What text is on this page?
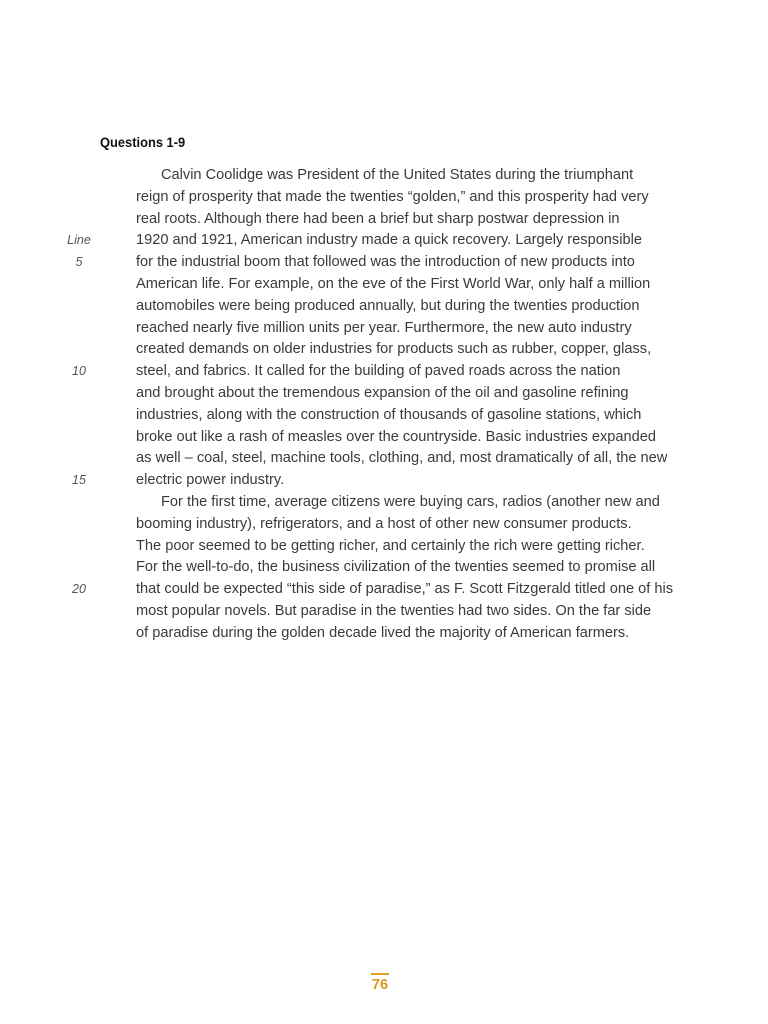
Questions 1-9
Line
5
10
15
20
Calvin Coolidge was President of the United States during the triumphant
reign of prosperity that made the twenties “golden,” and this prosperity had very
real roots. Although there had been a brief but sharp postwar depression in
1920 and 1921, American industry made a quick recovery. Largely responsible
for the industrial boom that followed was the introduction of new products into
American life. For example, on the eve of the First World War, only half a million
automobiles were being produced annually, but during the twenties production
reached nearly five million units per year. Furthermore, the new auto industry
created demands on older industries for products such as rubber, copper, glass,
steel, and fabrics. It called for the building of paved roads across the nation
and brought about the tremendous expansion of the oil and gasoline refining
industries, along with the construction of thousands of gasoline stations, which
broke out like a rash of measles over the countryside. Basic industries expanded
as well – coal, steel, machine tools, clothing, and, most dramatically of all, the new
electric power industry.
For the first time, average citizens were buying cars, radios (another new and
booming industry), refrigerators, and a host of other new consumer products.
The poor seemed to be getting richer, and certainly the rich were getting richer.
For the well-to-do, the business civilization of the twenties seemed to promise all
that could be expected “this side of paradise,” as F. Scott Fitzgerald titled one of his
most popular novels. But paradise in the twenties had two sides. On the far side
of paradise during the golden decade lived the majority of American farmers.
76
